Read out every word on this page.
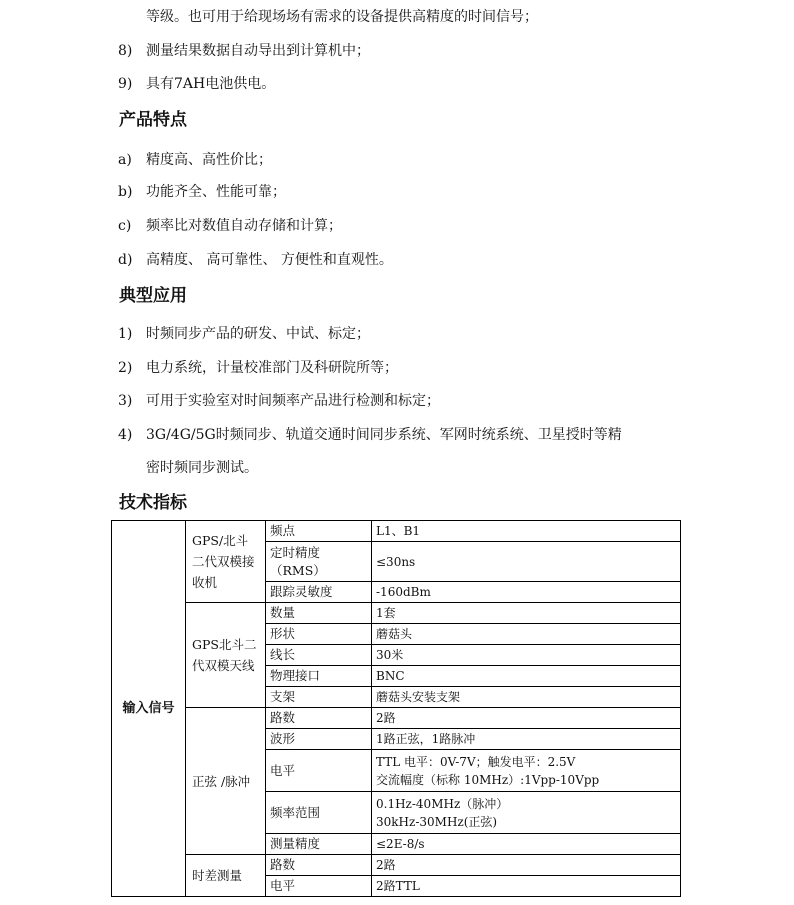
等级。也可用于给现场场有需求的设备提供高精度的时间信号；
8) 测量结果数据自动导出到计算机中；
9) 具有7AH电池供电。
产品特点
a) 精度高、高性价比；
b) 功能齐全、性能可靠；
c) 频率比对数值自动存储和计算；
d) 高精度、 高可靠性、 方便性和直观性。
典型应用
1) 时频同步产品的研发、中试、标定；
2) 电力系统，计量校准部门及科研院所等；
3) 可用于实验室对时间频率产品进行检测和标定；
4) 3G/4G/5G时频同步、轨道交通时间同步系统、军网时统系统、卫星授时等精
密时频同步测试。
技术指标
输入信号	GPS/北斗二代双模接收机	频点	L1、B1
		定时精度（RMS）	≤30ns
		跟踪灵敏度	-160dBm
	GPS北斗二代双模天线	数量	1套
		形状	蘑菇头
		线长	30米
		物理接口	BNC
		支架	蘑菇头安装支架
	正弦 /脉冲	路数	2路
		波形	1路正弦，1路脉冲
		电平	TTL 电平：0V-7V；触发电平：2.5V
交流幅度（标称 10MHz）:1Vpp-10Vpp

		频率范围	0.1Hz-40MHz（脉冲）
30kHz-30MHz(正弦)

		测量精度	≤2E-8/s
	时差测量	路数	2路
		电平	2路TTL
